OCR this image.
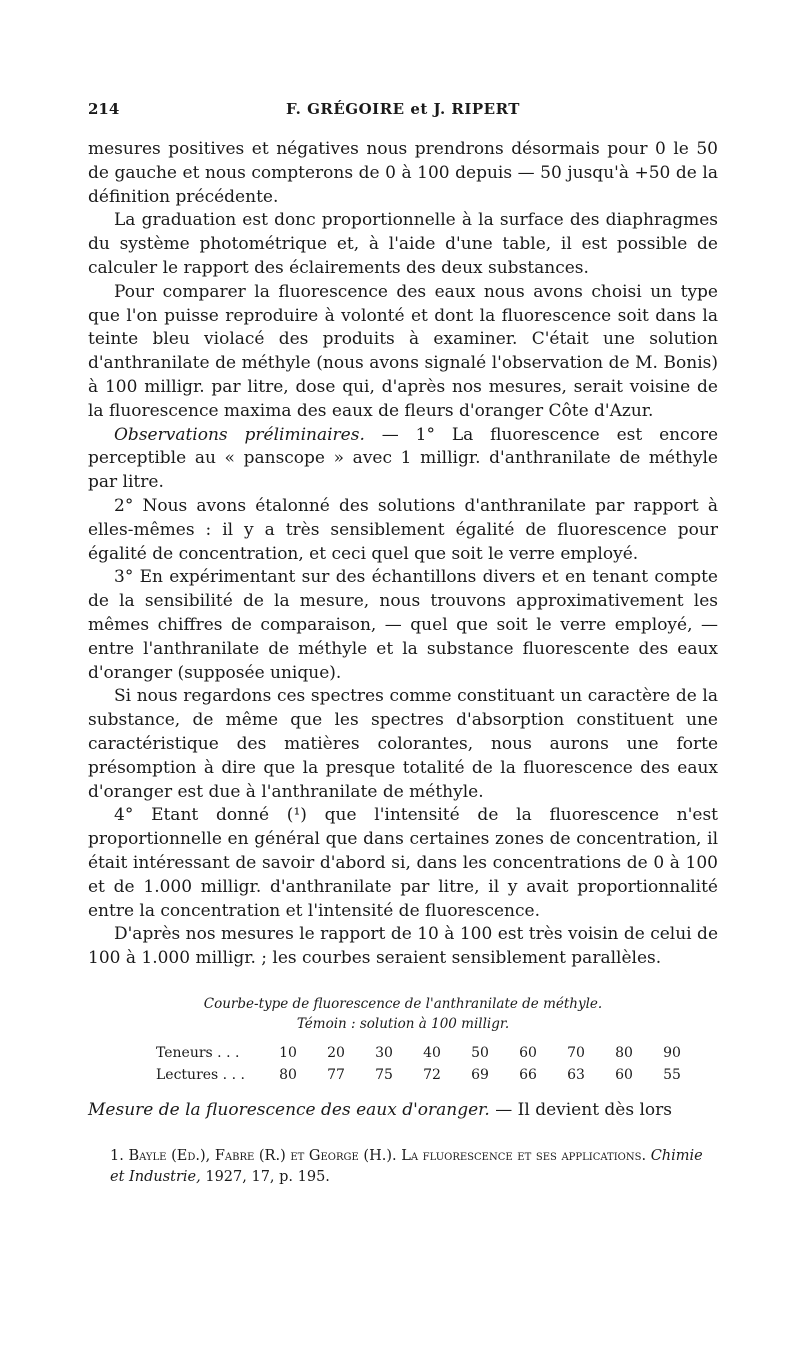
214	F. GRÉGOIRE et J. RIPERT

mesures positives et négatives nous prendrons désormais pour 0 le 50 de gauche et nous compterons de 0 à 100 depuis — 50 jusqu'à +50 de la définition précédente.

La graduation est donc proportionnelle à la surface des diaphragmes du système photométrique et, à l'aide d'une table, il est possible de calculer le rapport des éclairements des deux substances.

Pour comparer la fluorescence des eaux nous avons choisi un type que l'on puisse reproduire à volonté et dont la fluorescence soit dans la teinte bleu violacé des produits à examiner. C'était une solution d'anthranilate de méthyle (nous avons signalé l'observation de M. Bonis) à 100 milligr. par litre, dose qui, d'après nos mesures, serait voisine de la fluorescence maxima des eaux de fleurs d'oranger Côte d'Azur.

Observations préliminaires. — 1° La fluorescence est encore perceptible au « panscope » avec 1 milligr. d'anthranilate de méthyle par litre.

2° Nous avons étalonné des solutions d'anthranilate par rapport à elles-mêmes : il y a très sensiblement égalité de fluorescence pour égalité de concentration, et ceci quel que soit le verre employé.

3° En expérimentant sur des échantillons divers et en tenant compte de la sensibilité de la mesure, nous trouvons approximativement les mêmes chiffres de comparaison, — quel que soit le verre employé, — entre l'anthranilate de méthyle et la substance fluorescente des eaux d'oranger (supposée unique).

Si nous regardons ces spectres comme constituant un caractère de la substance, de même que les spectres d'absorption constituent une caractéristique des matières colorantes, nous aurons une forte présomption à dire que la presque totalité de la fluorescence des eaux d'oranger est due à l'anthranilate de méthyle.

4° Etant donné (¹) que l'intensité de la fluorescence n'est proportionnelle en général que dans certaines zones de concentration, il était intéressant de savoir d'abord si, dans les concentrations de 0 à 100 et de 1.000 milligr. d'anthranilate par litre, il y avait proportionnalité entre la concentration et l'intensité de fluorescence.

D'après nos mesures le rapport de 10 à 100 est très voisin de celui de 100 à 1.000 milligr. ; les courbes seraient sensiblement parallèles.

Courbe-type de fluorescence de l'anthranilate de méthyle.
Témoin : solution à 100 milligr.
Teneurs . . .	10	20	30	40	50	60	70	80	90
Lectures . . .	80	77	75	72	69	66	63	60	55
Mesure de la fluorescence des eaux d'oranger. — Il devient dès lors
1. Bayle (Ed.), Fabre (R.) et George (H.). La fluorescence et ses applications. Chimie et Industrie, 1927, 17, p. 195.
